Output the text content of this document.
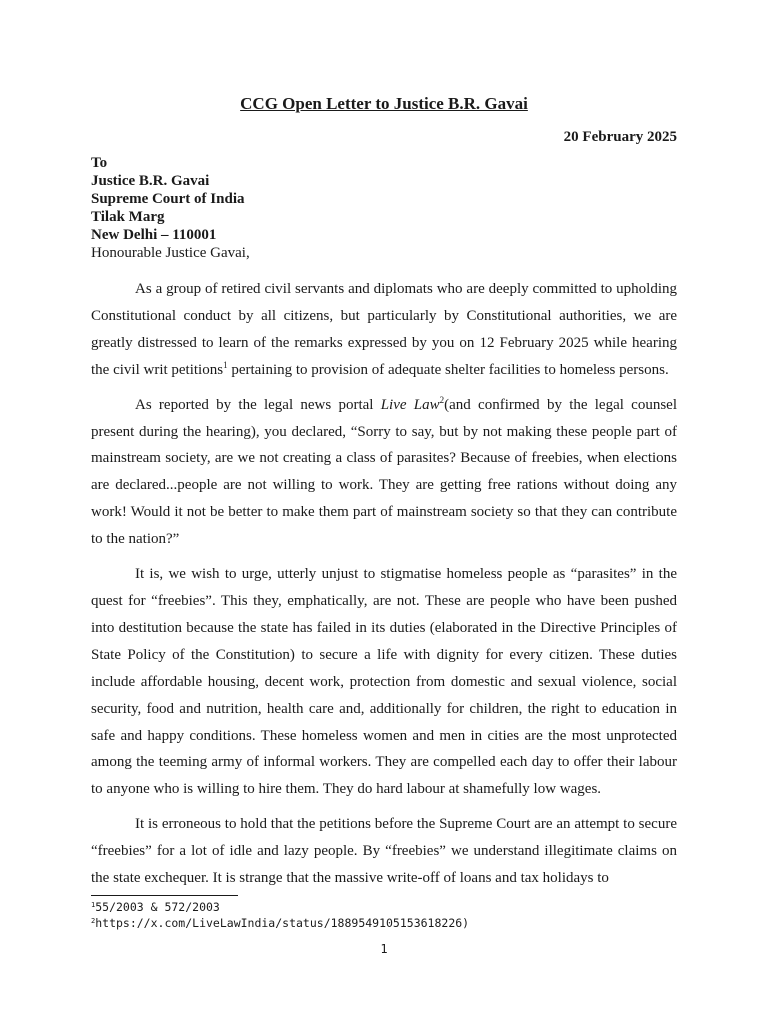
CCG Open Letter to Justice B.R. Gavai
20 February 2025
To
Justice B.R. Gavai
Supreme Court of India
Tilak Marg
New Delhi – 110001
Honourable Justice Gavai,

As a group of retired civil servants and diplomats who are deeply committed to upholding Constitutional conduct by all citizens, but particularly by Constitutional authorities, we are greatly distressed to learn of the remarks expressed by you on 12 February 2025 while hearing the civil writ petitions$^1$ pertaining to provision of adequate shelter facilities to homeless persons.

As reported by the legal news portal Live Law$^2$(and confirmed by the legal counsel present during the hearing), you declared, “Sorry to say, but by not making these people part of mainstream society, are we not creating a class of parasites? Because of freebies, when elections are declared...people are not willing to work. They are getting free rations without doing any work! Would it not be better to make them part of mainstream society so that they can contribute to the nation?”

It is, we wish to urge, utterly unjust to stigmatise homeless people as “parasites” in the quest for “freebies”. This they, emphatically, are not. These are people who have been pushed into destitution because the state has failed in its duties (elaborated in the Directive Principles of State Policy of the Constitution) to secure a life with dignity for every citizen. These duties include affordable housing, decent work, protection from domestic and sexual violence, social security, food and nutrition, health care and, additionally for children, the right to education in safe and happy conditions. These homeless women and men in cities are the most unprotected among the teeming army of informal workers. They are compelled each day to offer their labour to anyone who is willing to hire them. They do hard labour at shamefully low wages.

It is erroneous to hold that the petitions before the Supreme Court are an attempt to secure “freebies” for a lot of idle and lazy people. By “freebies” we understand illegitimate claims on the state exchequer. It is strange that the massive write-off of loans and tax holidays to

$^1$55/2003 & 572/2003
$^2$https://x.com/LiveLawIndia/status/1889549105153618226)
1
